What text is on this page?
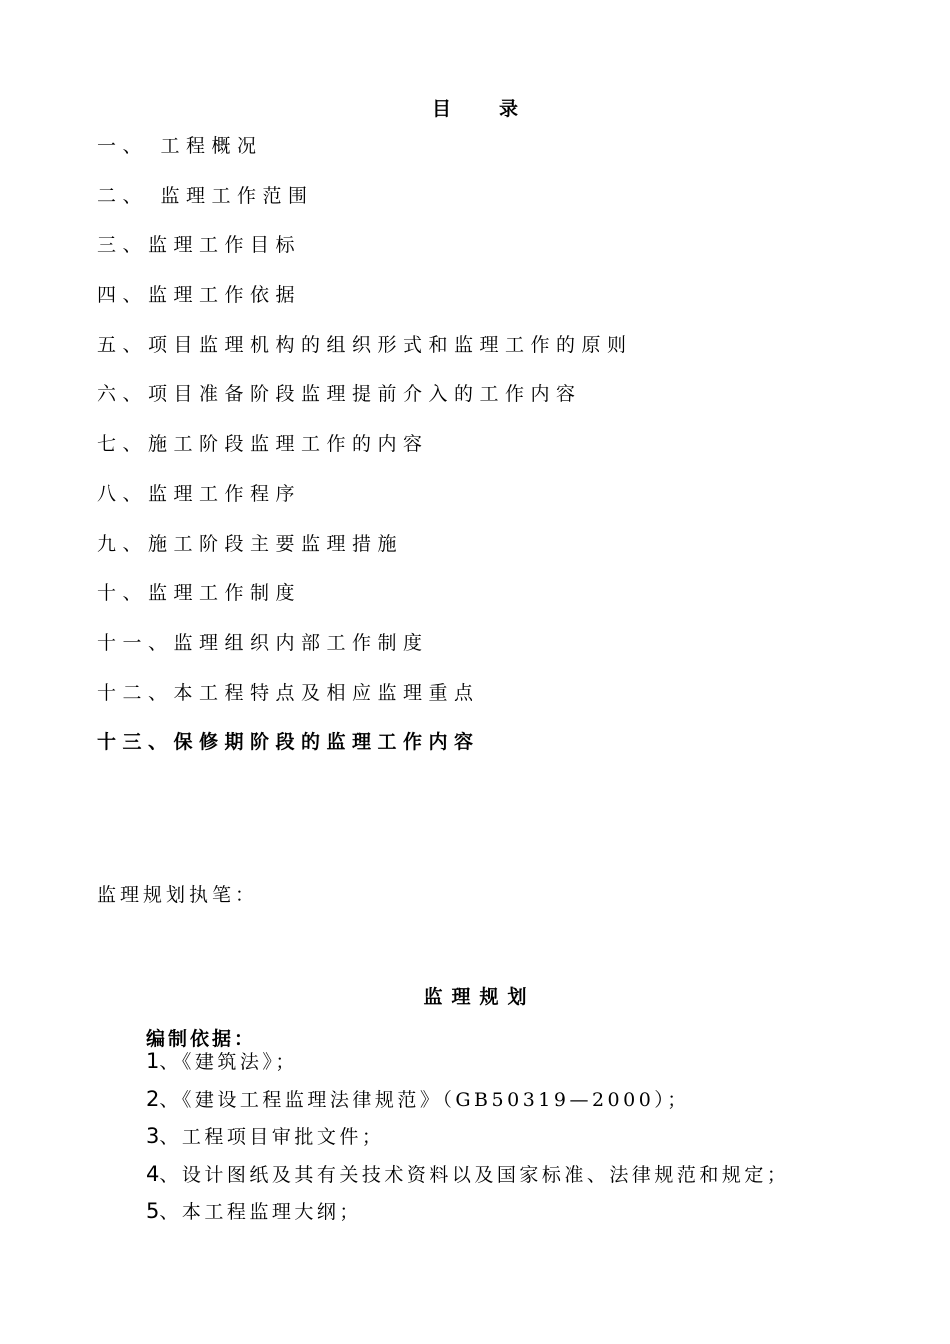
目录
一、 工程概况
二、 监理工作范围
三、监理工作目标
四、监理工作依据
五、项目监理机构的组织形式和监理工作的原则
六、项目准备阶段监理提前介入的工作内容
七、施工阶段监理工作的内容
八、监理工作程序
九、施工阶段主要监理措施
十、监理工作制度
十一、监理组织内部工作制度
十二、本工程特点及相应监理重点
十三、保修期阶段的监理工作内容
监理规划执笔：
监理规划
编制依据：
1、《建筑法》；
2、《建设工程监理法律规范》（GB50319—2000）；
3、工程项目审批文件；
4、设计图纸及其有关技术资料以及国家标准、法律规范和规定；
5、本工程监理大纲；
